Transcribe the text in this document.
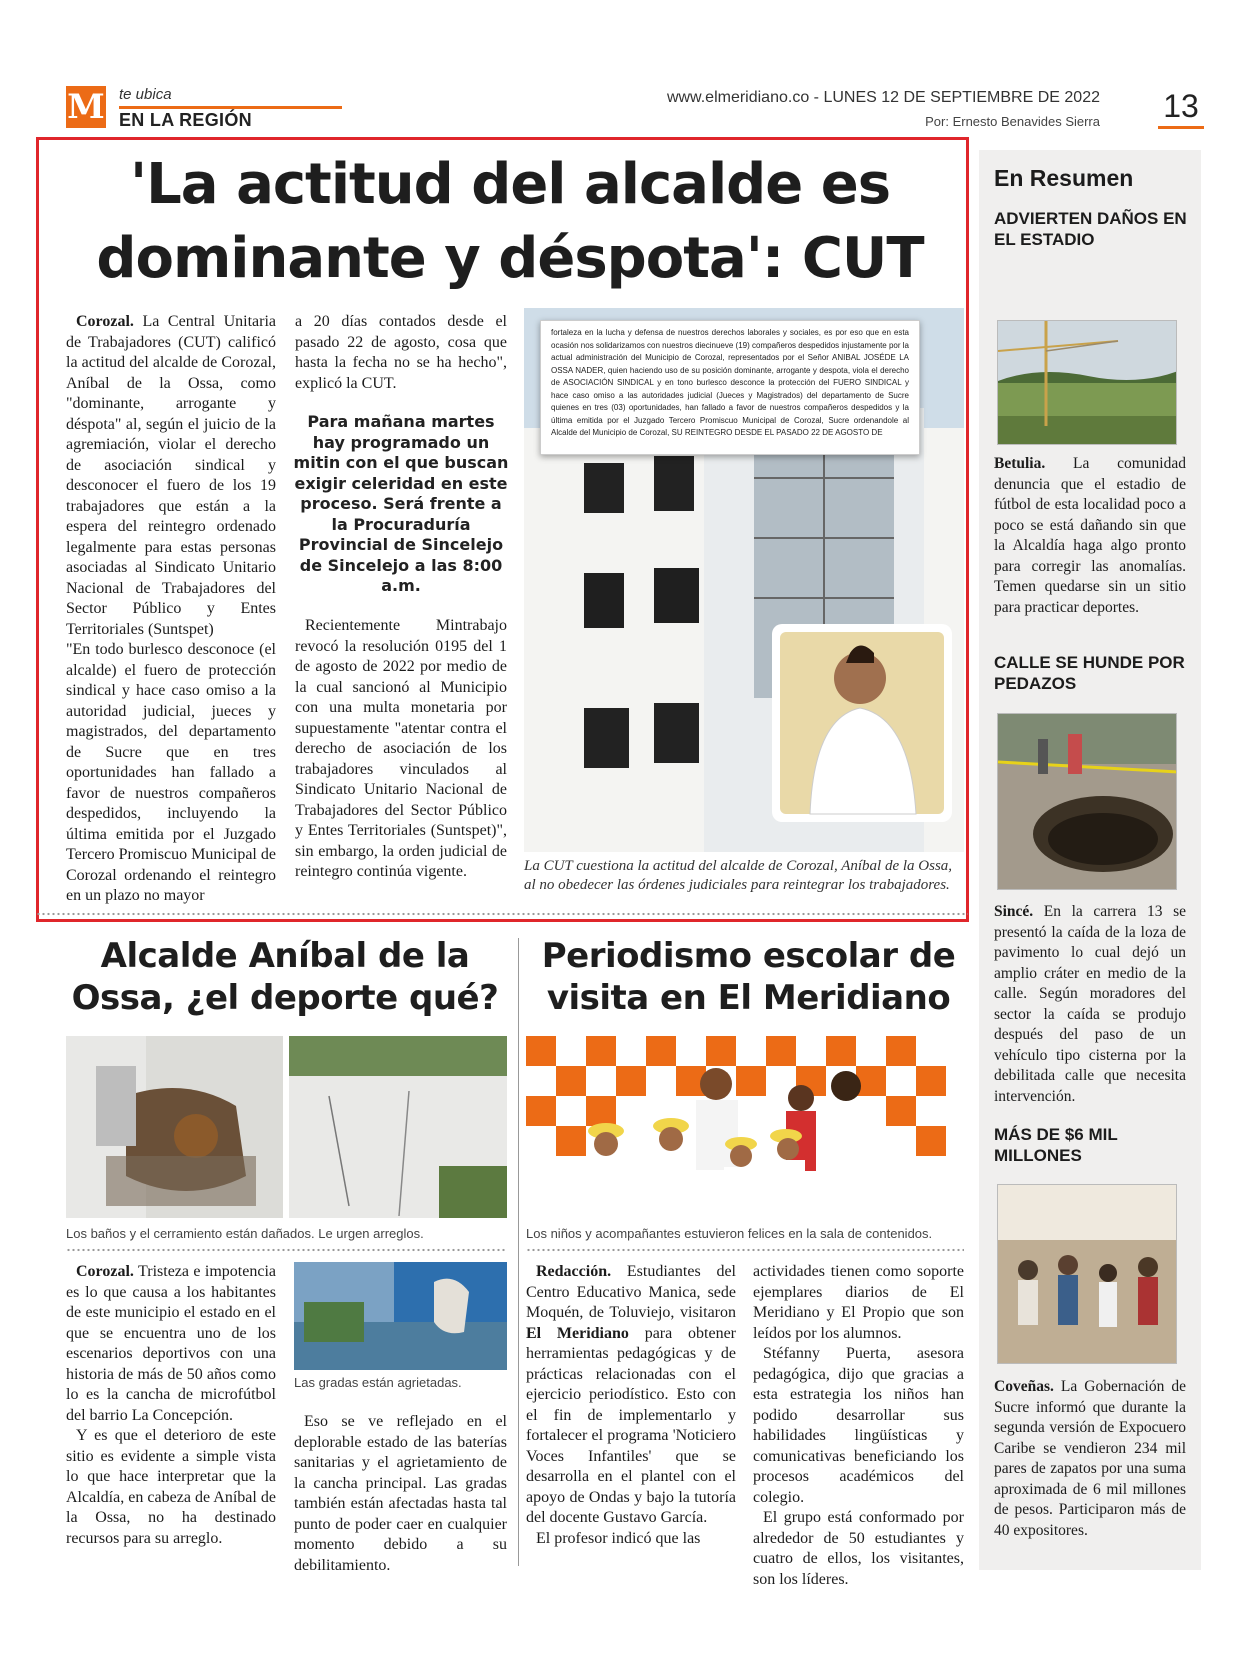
M te ubica
EN LA REGIÓN
www.elmeridiano.co - LUNES 12 DE SEPTIEMBRE DE 2022
Por: Ernesto Benavides Sierra 13
En Resumen
ADVIERTEN DAÑOS EN EL ESTADIO
Betulia. La comunidad denuncia que el estadio de fútbol de esta localidad poco a poco se está dañando sin que la Alcaldía haga algo pronto para corregir las anomalías. Temen quedarse sin un sitio para practicar deportes.
CALLE SE HUNDE POR PEDAZOS
Sincé. En la carrera 13 se presentó la caída de la loza de pavimento lo cual dejó un amplio cráter en medio de la calle. Según moradores del sector la caída se produjo después del paso de un vehículo tipo cisterna por la debilitada calle que necesita intervención.
MÁS DE $6 MIL MILLONES
Coveñas. La Gobernación de Sucre informó que durante la segunda versión de Expocuero Caribe se vendieron 234 mil pares de zapatos por una suma aproximada de 6 mil millones de pesos. Participaron más de 40 expositores.
'La actitud del alcalde es
dominante y déspota': CUT

Corozal. La Central Unitaria de Trabajadores (CUT) calificó la actitud del alcalde de Corozal, Aníbal de la Ossa, como "dominante, arrogante y déspota" al, según el juicio de la agremiación, violar el derecho de asociación sindical y desconocer el fuero de los 19 trabajadores que están a la espera del reintegro ordenado legalmente para estas personas asociadas al Sindicato Unitario Nacional de Trabajadores del Sector Público y Entes Territoriales (Suntspet)

"En todo burlesco desconoce (el alcalde) el fuero de protección sindical y hace caso omiso a la autoridad judicial, jueces y magistrados, del departamento de Sucre que en tres oportunidades han fallado a favor de nuestros compañeros despedidos, incluyendo la última emitida por el Juzgado Tercero Promiscuo Municipal de Corozal ordenando el reintegro en un plazo no mayor

a 20 días contados desde el pasado 22 de agosto, cosa que hasta la fecha no se ha hecho", explicó la CUT.

Para mañana martes hay programado un mitin con el que buscan exigir celeridad en este proceso. Será frente a la Procuraduría Provincial de Sincelejo de Sincelejo a las 8:00 a.m.

Recientemente Mintrabajo revocó la resolución 0195 del 1 de agosto de 2022 por medio de la cual sancionó al Municipio con una multa monetaria por supuestamente "atentar contra el derecho de asociación de los trabajadores vinculados al Sindicato Unitario Nacional de Trabajadores del Sector Público y Entes Territoriales (Suntspet)", sin embargo, la orden judicial de reintegro continúa vigente.

fortaleza en la lucha y defensa de nuestros derechos laborales y sociales, es por eso que en esta ocasión nos solidarizamos con nuestros diecinueve (19) compañeros despedidos injustamente por la actual administración del Municipio de Corozal, representados por el Señor ANIBAL JOSÉDE LA OSSA NADER, quien haciendo uso de su posición dominante, arrogante y despota, viola el derecho de ASOCIACIÓN SINDICAL y en tono burlesco desconce la protección del FUERO SINDICAL y hace caso omiso a las autoridades judicial (Jueces y Magistrados) del departamento de Sucre quienes en tres (03) oportunidades, han fallado a favor de nuestros compañeros despedidos y la última emitida por el Juzgado Tercero Promiscuo Municipal de Corozal, Sucre ordenandole al Alcalde del Municipio de Corozal, SU REINTEGRO DESDE EL PASADO 22 DE AGOSTO DE
La CUT cuestiona la actitud del alcalde de Corozal, Aníbal de la Ossa, al no obedecer las órdenes judiciales para reintegrar los trabajadores.
Alcalde Aníbal de la
Ossa, ¿el deporte qué?
Los baños y el cerramiento están dañados. Le urgen arreglos.

Corozal. Tristeza e impotencia es lo que causa a los habitantes de este municipio el estado en el que se encuentra uno de los escenarios deportivos con una historia de más de 50 años como lo es la cancha de microfútbol del barrio La Concepción.

Y es que el deterioro de este sitio es evidente a simple vista lo que hace interpretar que la Alcaldía, en cabeza de Aníbal de la Ossa, no ha destinado recursos para su arreglo.

Las gradas están agrietadas.

Eso se ve reflejado en el deplorable estado de las baterías sanitarias y el agrietamiento de la cancha principal. Las gradas también están afectadas hasta tal punto de poder caer en cualquier momento debido a su debilitamiento.

Periodismo escolar de
visita en El Meridiano
Los niños y acompañantes estuvieron felices en la sala de contenidos.

Redacción. Estudiantes del Centro Educativo Manica, sede Moquén, de Toluviejo, visitaron El Meridiano para obtener herramientas pedagógicas y de prácticas relacionadas con el ejercicio periodístico. Esto con el fin de implementarlo y fortalecer el programa 'Noticiero Voces Infantiles' que se desarrolla en el plantel con el apoyo de Ondas y bajo la tutoría del docente Gustavo García.

El profesor indicó que las

actividades tienen como soporte ejemplares diarios de El Meridiano y El Propio que son leídos por los alumnos.

Stéfanny Puerta, asesora pedagógica, dijo que gracias a esta estrategia los niños han podido desarrollar sus habilidades lingüísticas y comunicativas beneficiando los procesos académicos del colegio.

El grupo está conformado por alrededor de 50 estudiantes y cuatro de ellos, los visitantes, son los líderes.
